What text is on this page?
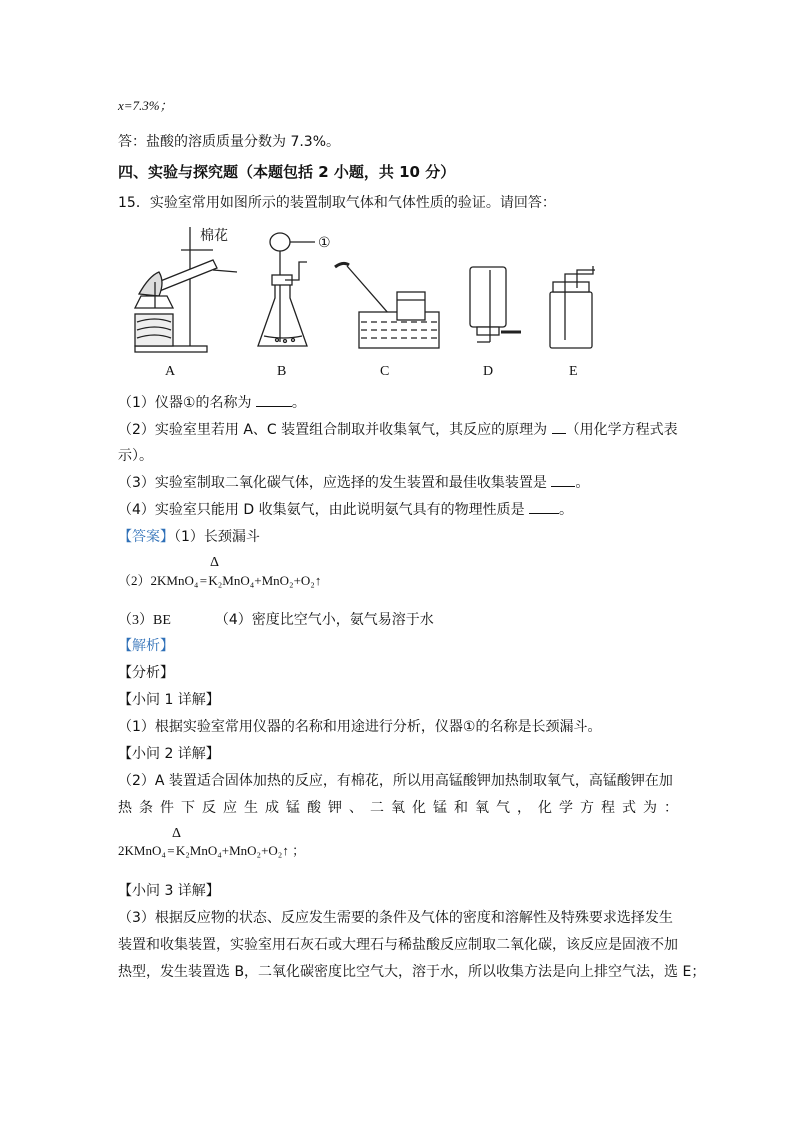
x=7.3%；
答：盐酸的溶质质量分数为 7.3%。
四、实验与探究题（本题包括 2 小题，共 10 分）
15．实验室常用如图所示的装置制取气体和气体性质的验证。请回答：
棉花	①
A	B	C	D	E
（1）仪器①的名称为	。
（2）实验室里若用 A、C 装置组合制取并收集氧气，其反应的原理为 （用化学方程式表
示）。
（3）实验室制取二氧化碳气体，应选择的发生装置和最佳收集装置是 。
（4）实验室只能用 D 收集氨气，由此说明氨气具有的物理性质是 。
【答案】（1）长颈漏斗
（2）2KMnO₄=K₂MnO₄+MnO₂+O₂↑
Δ
（3）BE	（4）密度比空气小，氨气易溶于水
【解析】
【分析】
【小问 1 详解】
（1）根据实验室常用仪器的名称和用途进行分析，仪器①的名称是长颈漏斗。
【小问 2 详解】
（2）A 装置适合固体加热的反应，有棉花，所以用高锰酸钾加热制取氧气，高锰酸钾在加
热 条 件 下 反 应 生 成 锰 酸 钾 、 二 氧 化 锰 和 氧 气 ， 化 学 方 程 式 为 ：
2KMnO₄=K₂MnO₄+MnO₂+O₂↑ ；
Δ
【小问 3 详解】
（3）根据反应物的状态、反应发生需要的条件及气体的密度和溶解性及特殊要求选择发生
装置和收集装置，实验室用石灰石或大理石与稀盐酸反应制取二氧化碳，该反应是固液不加
热型，发生装置选 B，二氧化碳密度比空气大，溶于水，所以收集方法是向上排空气法，选 E；
